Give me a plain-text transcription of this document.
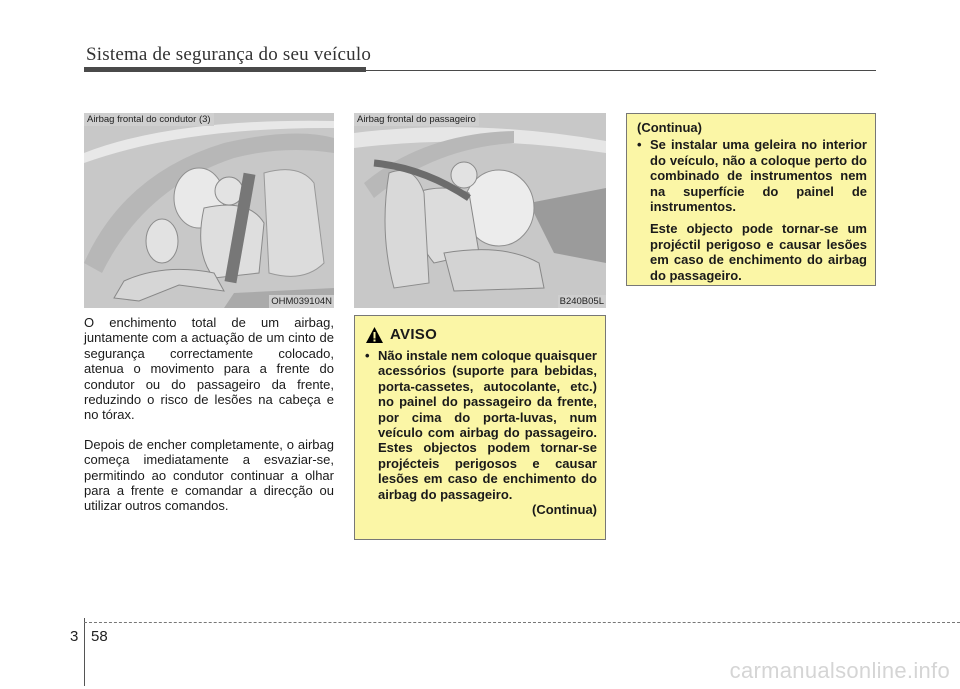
Sistema de segurança do seu veículo
Airbag frontal do condutor (3)
OHM039104N
Airbag frontal do passageiro
B240B05L

O enchimento total de um airbag, juntamente com a actuação de um cinto de segurança correctamente colocado, atenua o movimento para a frente do condutor ou do passageiro da frente, reduzindo o risco de lesões na cabeça e no tórax.

Depois de encher completamente, o airbag começa imediatamente a esvaziar-se, permitindo ao condutor continuar a olhar para a frente e comandar a direcção ou utilizar outros comandos.

AVISO
• Não instale nem coloque quaisquer acessórios (suporte para bebidas, porta-cassetes, autocolante, etc.) no painel do passageiro da frente, por cima do porta-luvas, num veículo com airbag do passageiro. Estes objectos podem tornar-se projécteis perigosos e causar lesões em caso de enchimento do airbag do passageiro.
(Continua)
(Continua)
• Se instalar uma geleira no interior do veículo, não a coloque perto do combinado de instrumentos nem na superfície do painel de instrumentos.
Este objecto pode tornar-se um projéctil perigoso e causar lesões em caso de enchimento do airbag do passageiro.
3 58
carmanualsonline.info
